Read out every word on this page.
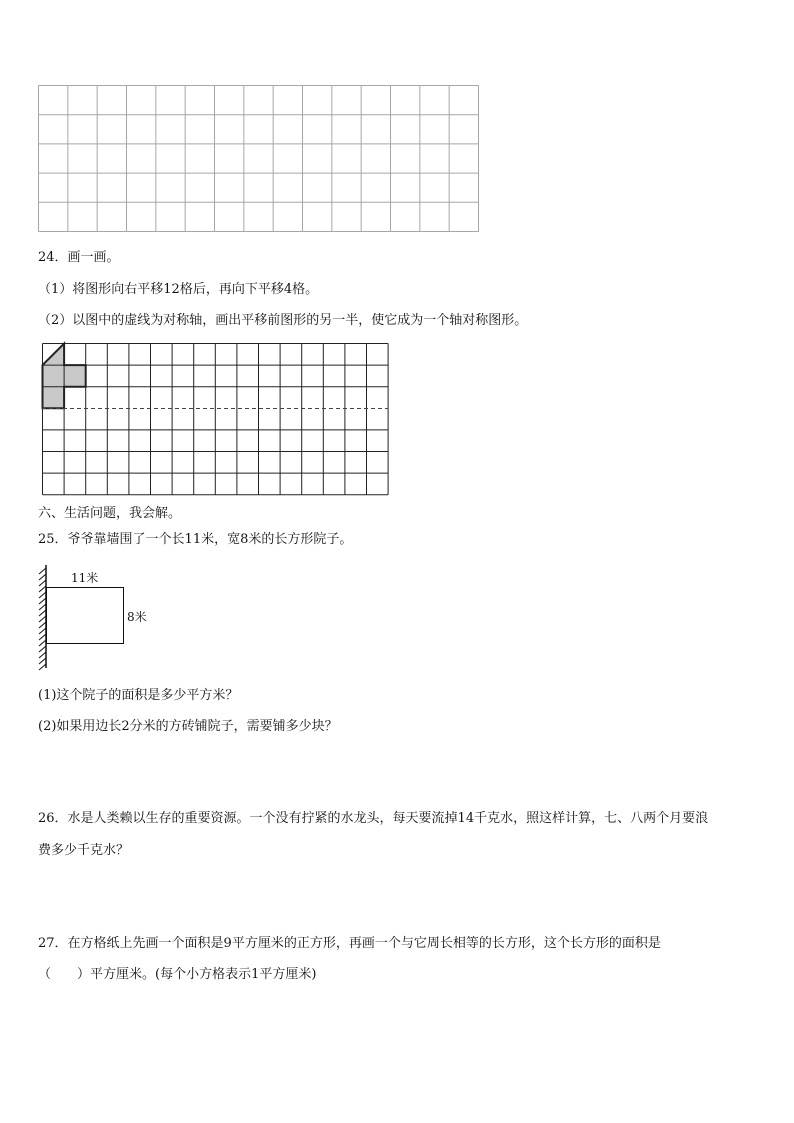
24．画一画。
（1）将图形向右平移12格后，再向下平移4格。
（2）以图中的虚线为对称轴，画出平移前图形的另一半，使它成为一个轴对称图形。
六、生活问题，我会解。
25．爷爷靠墙围了一个长11米，宽8米的长方形院子。
11米
8米
(1)这个院子的面积是多少平方米？
(2)如果用边长2分米的方砖铺院子，需要铺多少块？
26．水是人类赖以生存的重要资源。一个没有拧紧的水龙头，每天要流掉14千克水，照这样计算，七、八两个月要浪
费多少千克水？
27．在方格纸上先画一个面积是9平方厘米的正方形，再画一个与它周长相等的长方形，这个长方形的面积是
（　　）平方厘米。(每个小方格表示1平方厘米)
